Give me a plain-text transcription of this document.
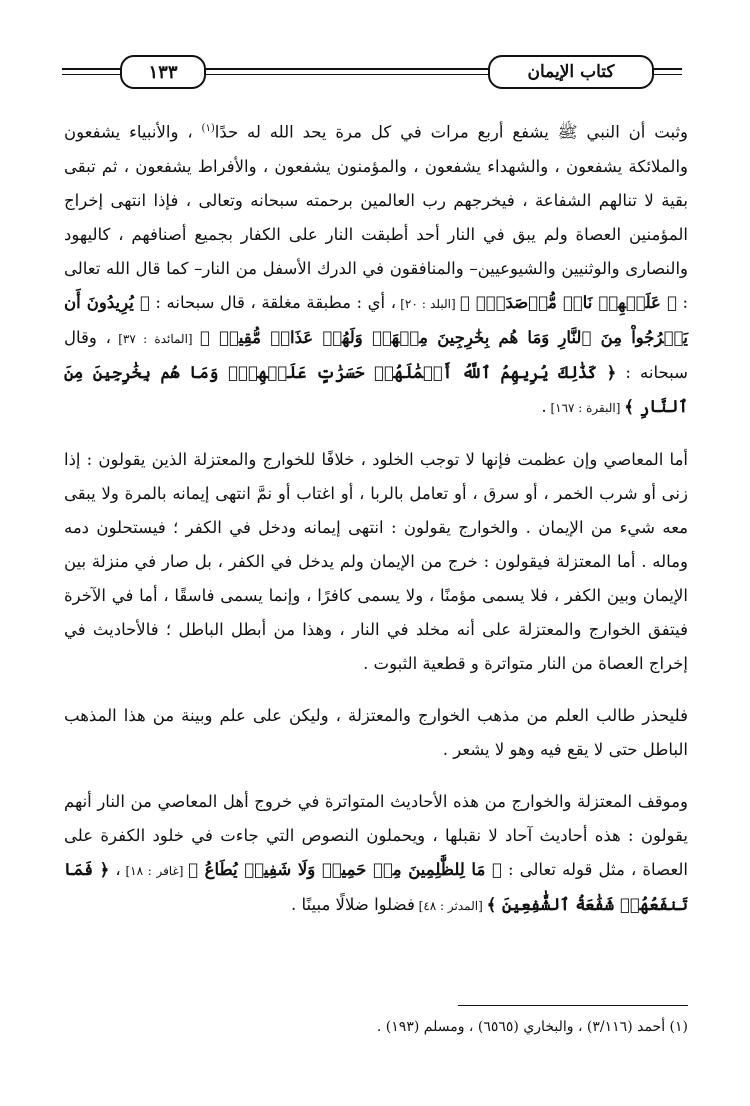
كتاب الإيمان
١٣٣

وثبت أن النبي ﷺ يشفع أربع مرات في كل مرة يحد الله له حدًا$^{(١)}$ ، والأنبياء يشفعون والملائكة يشفعون ، والشهداء يشفعون ، والمؤمنون يشفعون ، والأفراط يشفعون ، ثم تبقى بقية لا تنالهم الشفاعة ، فيخرجهم رب العالمين برحمته سبحانه وتعالى ، فإذا انتهى إخراج المؤمنين العصاة ولم يبق في النار أحد أطبقت النار على الكفار بجميع أصنافهم ، كاليهود والنصارى والوثنيين والشيوعيين– والمنافقون في الدرك الأسفل من النار– كما قال الله تعالى : ﴿ عَلَيۡهِمۡ نَارٞ مُّؤۡصَدَةُۢ ﴾ [البلد : ٢٠] ، أي : مطبقة مغلقة ، قال سبحانه : ﴿ يُرِيدُونَ أَن يَخۡرُجُواْ مِنَ ٱلنَّارِ وَمَا هُم بِخَٰرِجِينَ مِنۡهَاۖ وَلَهُمۡ عَذَابٞ مُّقِيمٞ ﴾ [المائدة : ٣٧] ، وقال سبحانه : ﴿ كَذَٰلِكَ يُرِيهِمُ ٱللَّهُ أَعۡمَٰلَهُمۡ حَسَرَٰتٍ عَلَيۡهِمۡۖ وَمَا هُم بِخَٰرِجِينَ مِنَ ٱلنَّارِ ﴾ [البقرة : ١٦٧] .

أما المعاصي وإن عظمت فإنها لا توجب الخلود ، خلافًا للخوارج والمعتزلة الذين يقولون : إذا زنى أو شرب الخمر ، أو سرق ، أو تعامل بالربا ، أو اغتاب أو نمَّ انتهى إيمانه بالمرة ولا يبقى معه شيء من الإيمان . والخوارج يقولون : انتهى إيمانه ودخل في الكفر ؛ فيستحلون دمه وماله . أما المعتزلة فيقولون : خرج من الإيمان ولم يدخل في الكفر ، بل صار في منزلة بين الإيمان وبين الكفر ، فلا يسمى مؤمنًا ، ولا يسمى كافرًا ، وإنما يسمى فاسقًا ، أما في الآخرة فيتفق الخوارج والمعتزلة على أنه مخلد في النار ، وهذا من أبطل الباطل ؛ فالأحاديث في إخراج العصاة من النار متواترة و قطعية الثبوت .

فليحذر طالب العلم من مذهب الخوارج والمعتزلة ، وليكن على علم وبينة من هذا المذهب الباطل حتى لا يقع فيه وهو لا يشعر .

وموقف المعتزلة والخوارج من هذه الأحاديث المتواترة في خروج أهل المعاصي من النار أنهم يقولون : هذه أحاديث آحاد لا نقبلها ، ويحملون النصوص التي جاءت في خلود الكفرة على العصاة ، مثل قوله تعالى : ﴿ مَا لِلظَّٰلِمِينَ مِنۡ حَمِيمٖ وَلَا شَفِيعٖ يُطَاعُ ﴾ [غافر : ١٨] ، ﴿ فَمَا تَنفَعُهُمۡ شَفَٰعَةُ ٱلشَّٰفِعِينَ ﴾ [المدثر : ٤٨] فضلوا ضلالًا مبينًا .

(١) أحمد (٣/١١٦) ، والبخاري (٦٥٦٥) ، ومسلم (١٩٣) .
